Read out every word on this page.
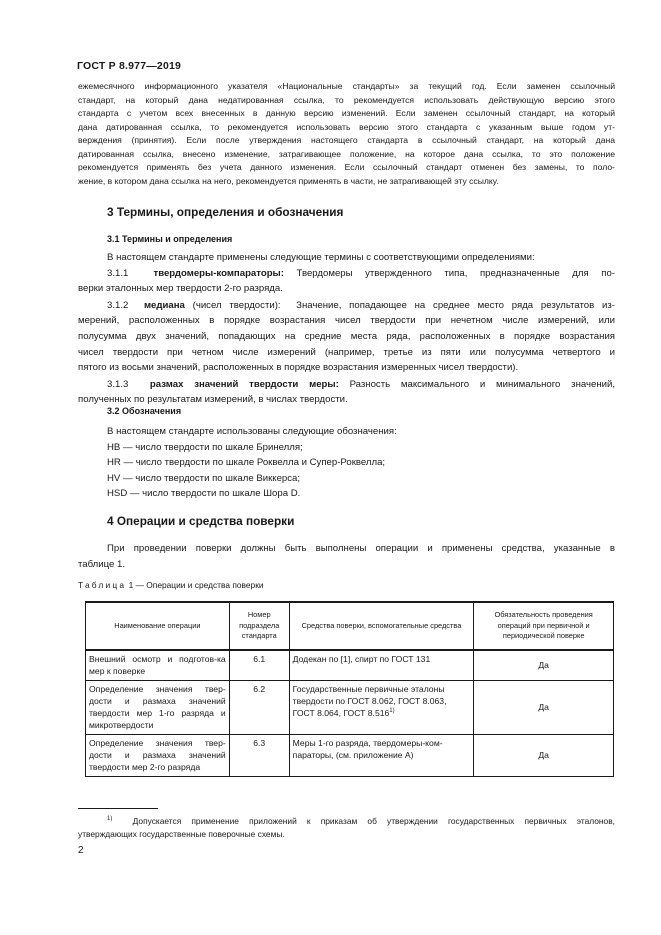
ГОСТ Р 8.977—2019
ежемесячного информационного указателя «Национальные стандарты» за текущий год. Если заменен ссылочный
стандарт, на который дана недатированная ссылка, то рекомендуется использовать действующую версию этого
стандарта с учетом всех внесенных в данную версию изменений. Если заменен ссылочный стандарт, на который
дана датированная ссылка, то рекомендуется использовать версию этого стандарта с указанным выше годом ут-
верждения (принятия). Если после утверждения настоящего стандарта в ссылочный стандарт, на который дана
датированная ссылка, внесено изменение, затрагивающее положение, на которое дана ссылка, то это положение
рекомендуется применять без учета данного изменения. Если ссылочный стандарт отменен без замены, то поло-
жение, в котором дана ссылка на него, рекомендуется применять в части, не затрагивающей эту ссылку.
3 Термины, определения и обозначения
3.1 Термины и определения
В настоящем стандарте применены следующие термины с соответствующими определениями:
3.1.1	твердомеры-компараторы: Твердомеры утвержденного типа, предназначенные для по-
верки эталонных мер твердости 2-го разряда.
3.1.2 медиана (чисел твердости): Значение, попадающее на среднее место ряда результатов из-
мерений, расположенных в порядке возрастания чисел твердости при нечетном числе измерений, или
полусумма двух значений, попадающих на средние места ряда, расположенных в порядке возрастания
чисел твердости при четном числе измерений (например, третье из пяти или полусумма четвертого и
пятого из восьми значений, расположенных в порядке возрастания измеренных чисел твердости).
3.1.3 размах значений твердости меры: Разность максимального и минимального значений,
полученных по результатам измерений, в числах твердости.
3.2 Обозначения
В настоящем стандарте использованы следующие обозначения:
HB — число твердости по шкале Бринелля;
HR — число твердости по шкале Роквелла и Супер-Роквелла;
HV — число твердости по шкале Виккерса;
HSD — число твердости по шкале Шора D.
4 Операции и средства поверки
При проведении поверки должны быть выполнены операции и применены средства, указанные в
таблице 1.
Таблица 1 — Операции и средства поверки
Наименование операции	Номер подраздела стандарта	Средства поверки, вспомогательные средства	Обязательность проведения операций при первичной и периодической поверке
Внешний осмотр и подготов-ка мер к поверке	6.1	Додекан по [1], спирт по ГОСТ 131	Да
Определение значения твер-дости и размаха значений твердости мер 1-го разряда и микротвердости	6.2	Государственные первичные эталоны твердости по ГОСТ 8.062, ГОСТ 8.063, ГОСТ 8.064, ГОСТ 8.516$^{1)}$	Да
Определение значения твер-дости и размаха значений твердости мер 2-го разряда	6.3	Меры 1-го разряда, твердомеры-ком-параторы, (см. приложение А)	Да
$^{1)}$ Допускается применение приложений к приказам об утверждении государственных первичных эталонов,
утверждающих государственные поверочные схемы.
2
